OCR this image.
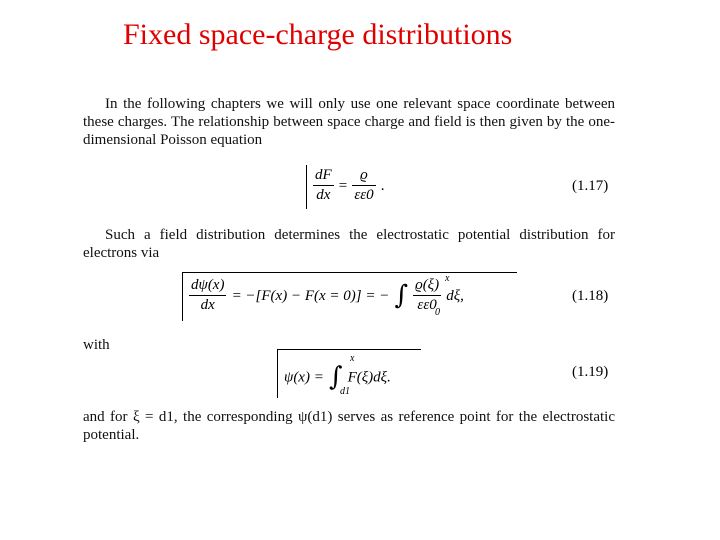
Fixed space-charge distributions
In the following chapters we will only use one relevant space coordinate between these charges. The relationship between space charge and field is then given by the one-dimensional Poisson equation
$\frac{dF}{dx} = \frac{ϱ}{\varepsilon\varepsilon 0}$ .	(1.17)
Such a field distribution determines the electrostatic potential distribution for electrons via
$\frac{d\psi(x)}{dx} = -[F(x) - F(x = 0)]$ = − ∫ $\frac{ϱ(\xi)}{\varepsilon\varepsilon 0} d\xi$,
x
0
(1.18)
with
ψ(x) = ∫ F(ξ)dξ.
x
d1
(1.19)
and for ξ = d1, the corresponding ψ(d1) serves as reference point for the electrostatic potential.
